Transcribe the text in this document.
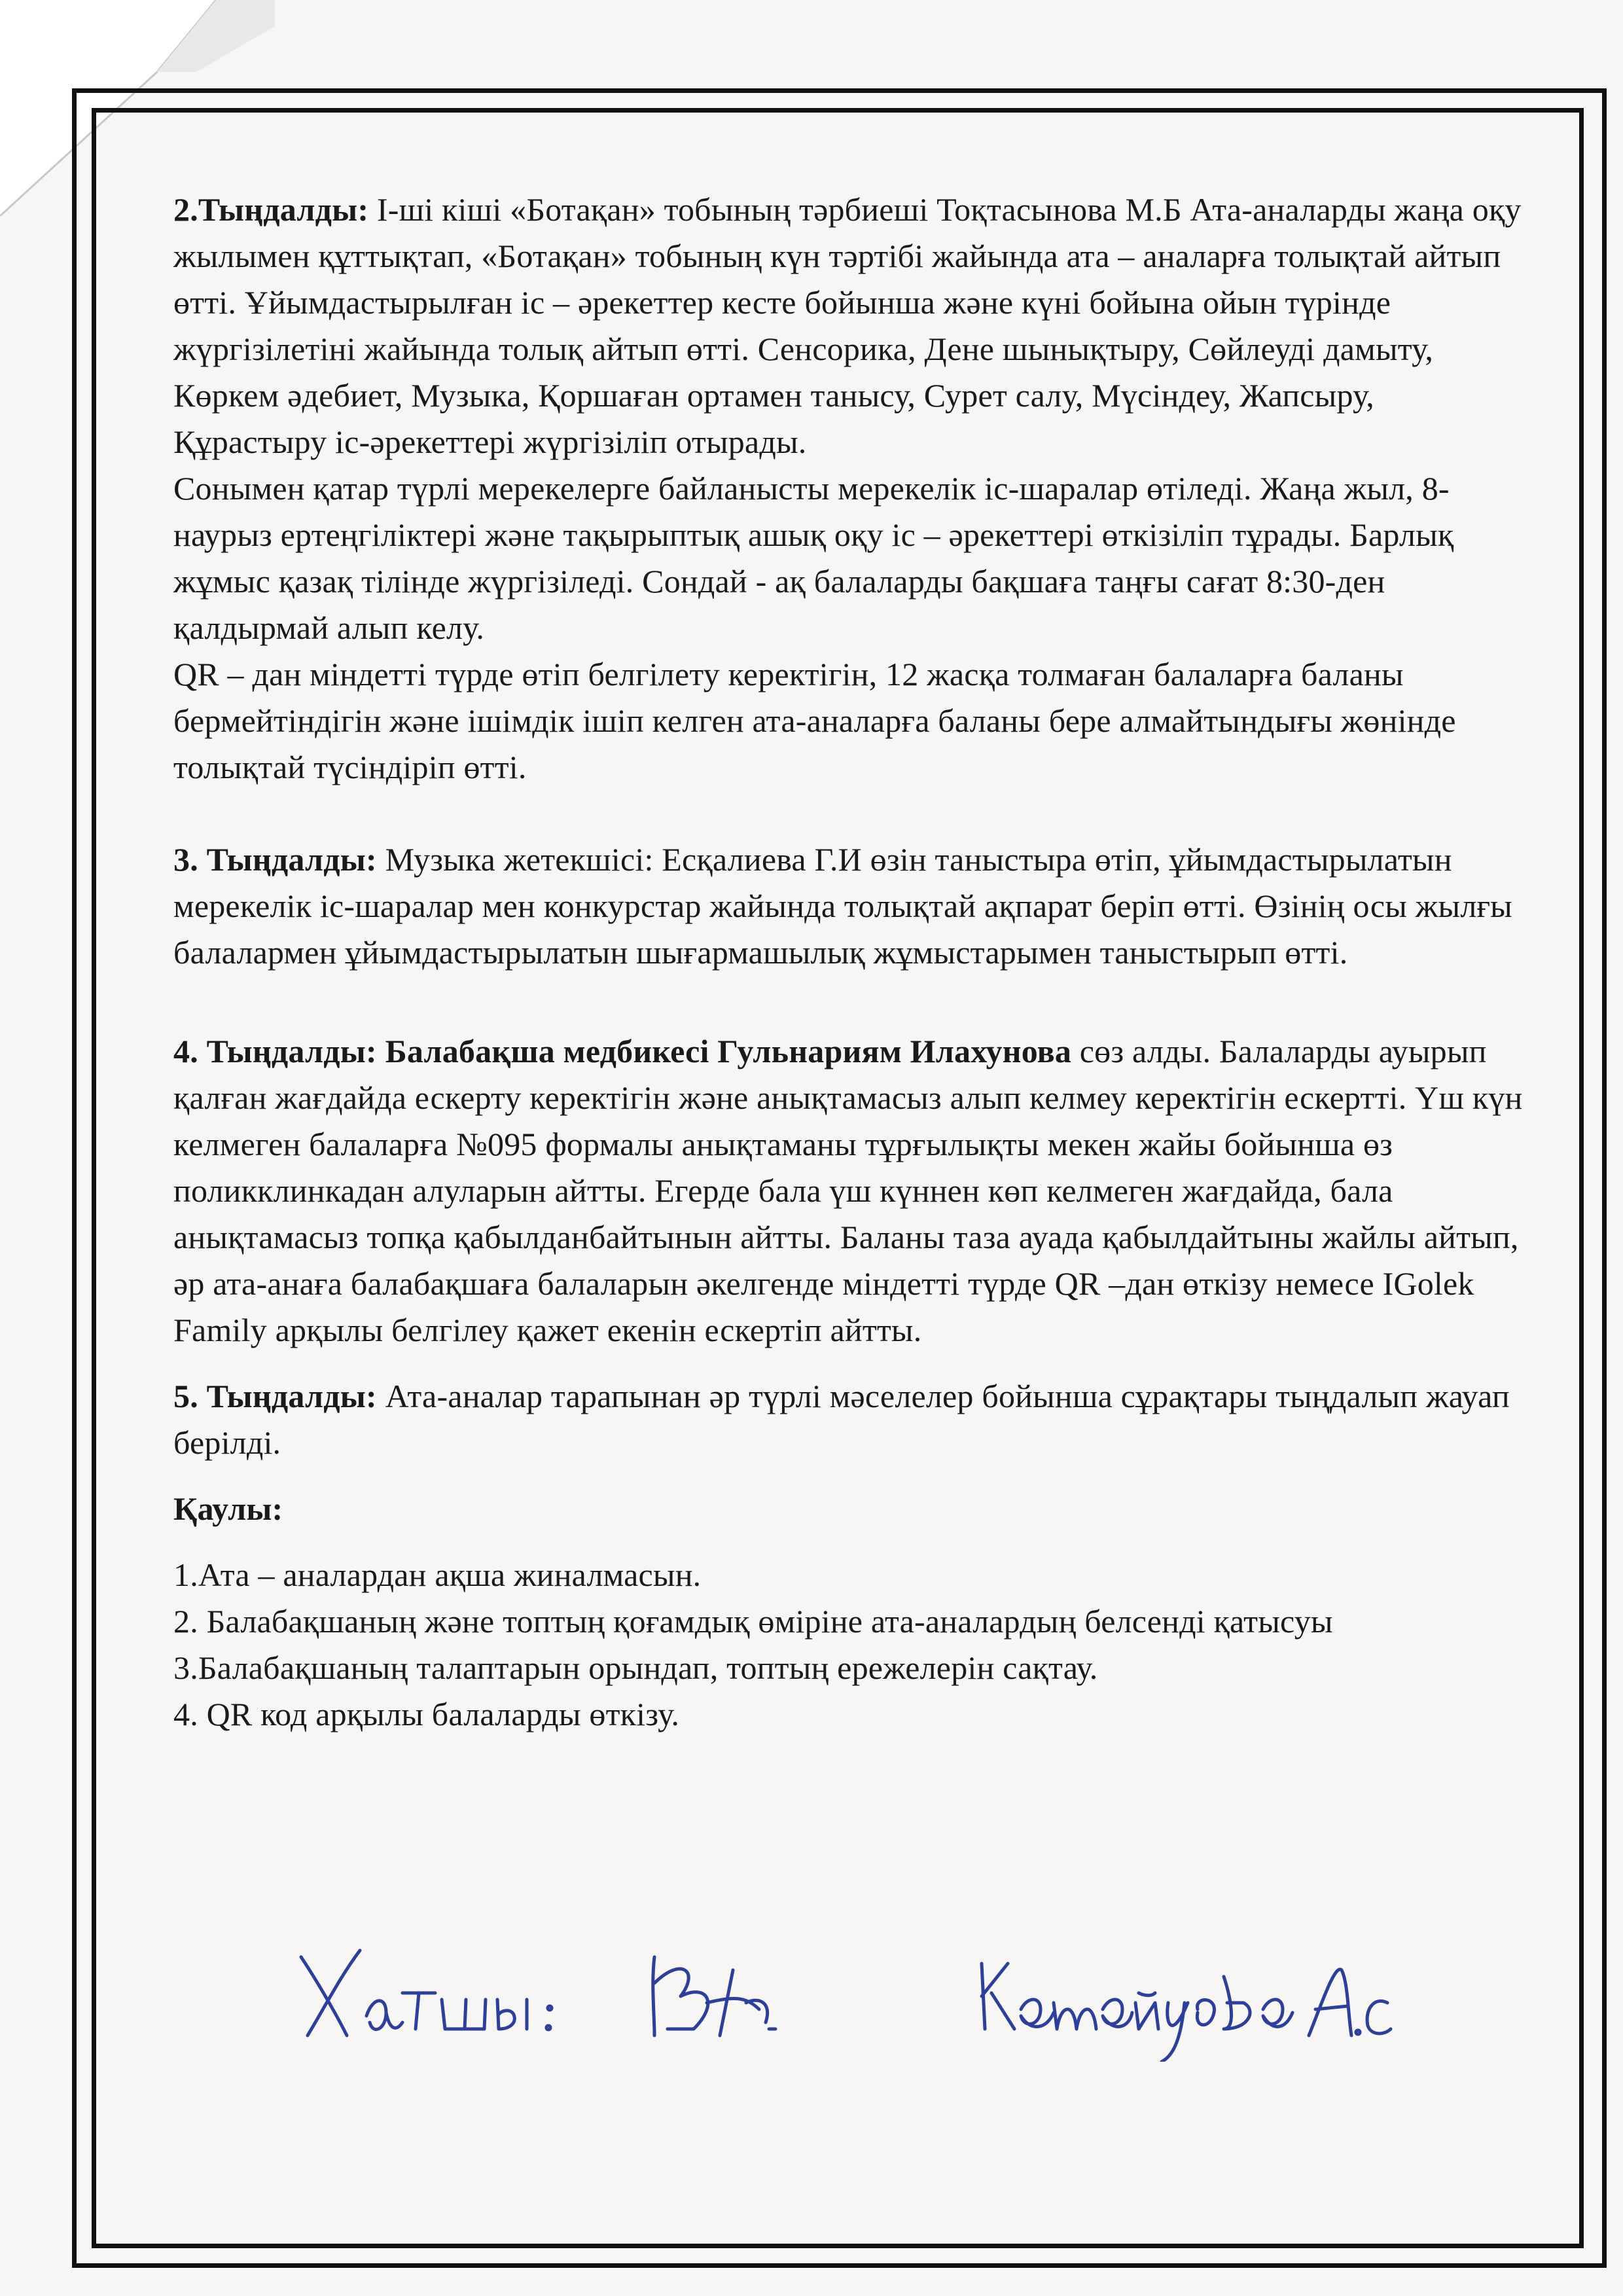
2.Тыңдалды: І-ші кіші «Ботақан» тобының тәрбиеші Тоқтасынова М.Б Ата-аналарды жаңа оқу жылымен құттықтап, «Ботақан» тобының күн тәртібі жайында ата – аналарға толықтай айтып өтті. Ұйымдастырылған іс – әрекеттер кесте бойынша және күні бойына ойын түрінде жүргізілетіні жайында толық айтып өтті. Сенсорика, Дене шынықтыру, Сөйлеуді дамыту, Көркем әдебиет, Музыка, Қоршаған ортамен танысу, Сурет салу, Мүсіндеу, Жапсыру, Құрастыру іс-әрекеттері жүргізіліп отырады.

Сонымен қатар түрлі мерекелерге байланысты мерекелік іс-шаралар өтіледі. Жаңа жыл, 8-наурыз ертеңгіліктері және тақырыптық ашық оқу іс – әрекеттері өткізіліп тұрады. Барлық жұмыс қазақ тілінде жүргізіледі. Сондай - ақ балаларды бақшаға таңғы сағат 8:30-ден қалдырмай алып келу.

QR – дан міндетті түрде өтіп белгілету керектігін, 12 жасқа толмаған балаларға баланы бермейтіндігін және ішімдік ішіп келген ата-аналарға баланы бере алмайтындығы жөнінде толықтай түсіндіріп өтті.

3. Тыңдалды: Музыка жетекшісі: Есқалиева Г.И өзін таныстыра өтіп, ұйымдастырылатын мерекелік іс-шаралар мен конкурстар жайында толықтай ақпарат беріп өтті. Өзінің осы жылғы балалармен ұйымдастырылатын шығармашылық жұмыстарымен таныстырып өтті.

4. Тыңдалды: Балабақша медбикесі Гульнариям Илахунова сөз алды. Балаларды ауырып қалған жағдайда ескерту керектігін және анықтамасыз алып келмеу керектігін ескертті. Үш күн келмеген балаларға №095 формалы анықтаманы тұрғылықты мекен жайы бойынша өз поликклинкадан алуларын айтты. Егерде бала үш күннен көп келмеген жағдайда, бала анықтамасыз топқа қабылданбайтынын айтты. Баланы таза ауада қабылдайтыны жайлы айтып, әр ата-анаға балабақшаға балаларын әкелгенде міндетті түрде QR –дан өткізу немесе IGolek Family арқылы белгілеу қажет екенін ескертіп айтты.

5. Тыңдалды: Ата-аналар тарапынан әр түрлі мәселелер бойынша сұрақтары тыңдалып жауап берілді.

Қаулы:

1.Ата – аналардан ақша жиналмасын.
2. Балабақшаның және топтың қоғамдық өміріне ата-аналардың белсенді қатысуы
3.Балабақшаның талаптарын орындап, топтың ережелерін сақтау.
4. QR код арқылы балаларды өткізу.
